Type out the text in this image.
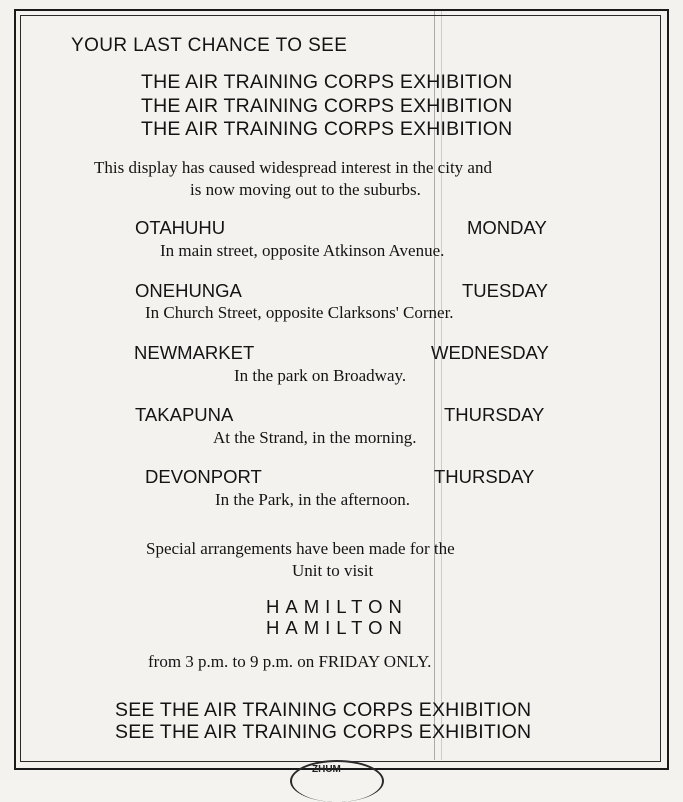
YOUR LAST CHANCE TO SEE
THE AIR TRAINING CORPS EXHIBITION
THE AIR TRAINING CORPS EXHIBITION
THE AIR TRAINING CORPS EXHIBITION
This display has caused widespread interest in the city and
is now moving out to the suburbs.
OTAHUHU	MONDAY
In main street, opposite Atkinson Avenue.
ONEHUNGA	TUESDAY
In Church Street, opposite Clarksons' Corner.
NEWMARKET	WEDNESDAY
In the park on Broadway.
TAKAPUNA	THURSDAY
At the Strand, in the morning.
DEVONPORT	THURSDAY
In the Park, in the afternoon.
Special arrangements have been made for the
Unit to visit
HAMILTON
HAMILTON
from 3 p.m. to 9 p.m. on FRIDAY ONLY.
SEE THE AIR TRAINING CORPS EXHIBITION
SEE THE AIR TRAINING CORPS EXHIBITION
ZHUM
